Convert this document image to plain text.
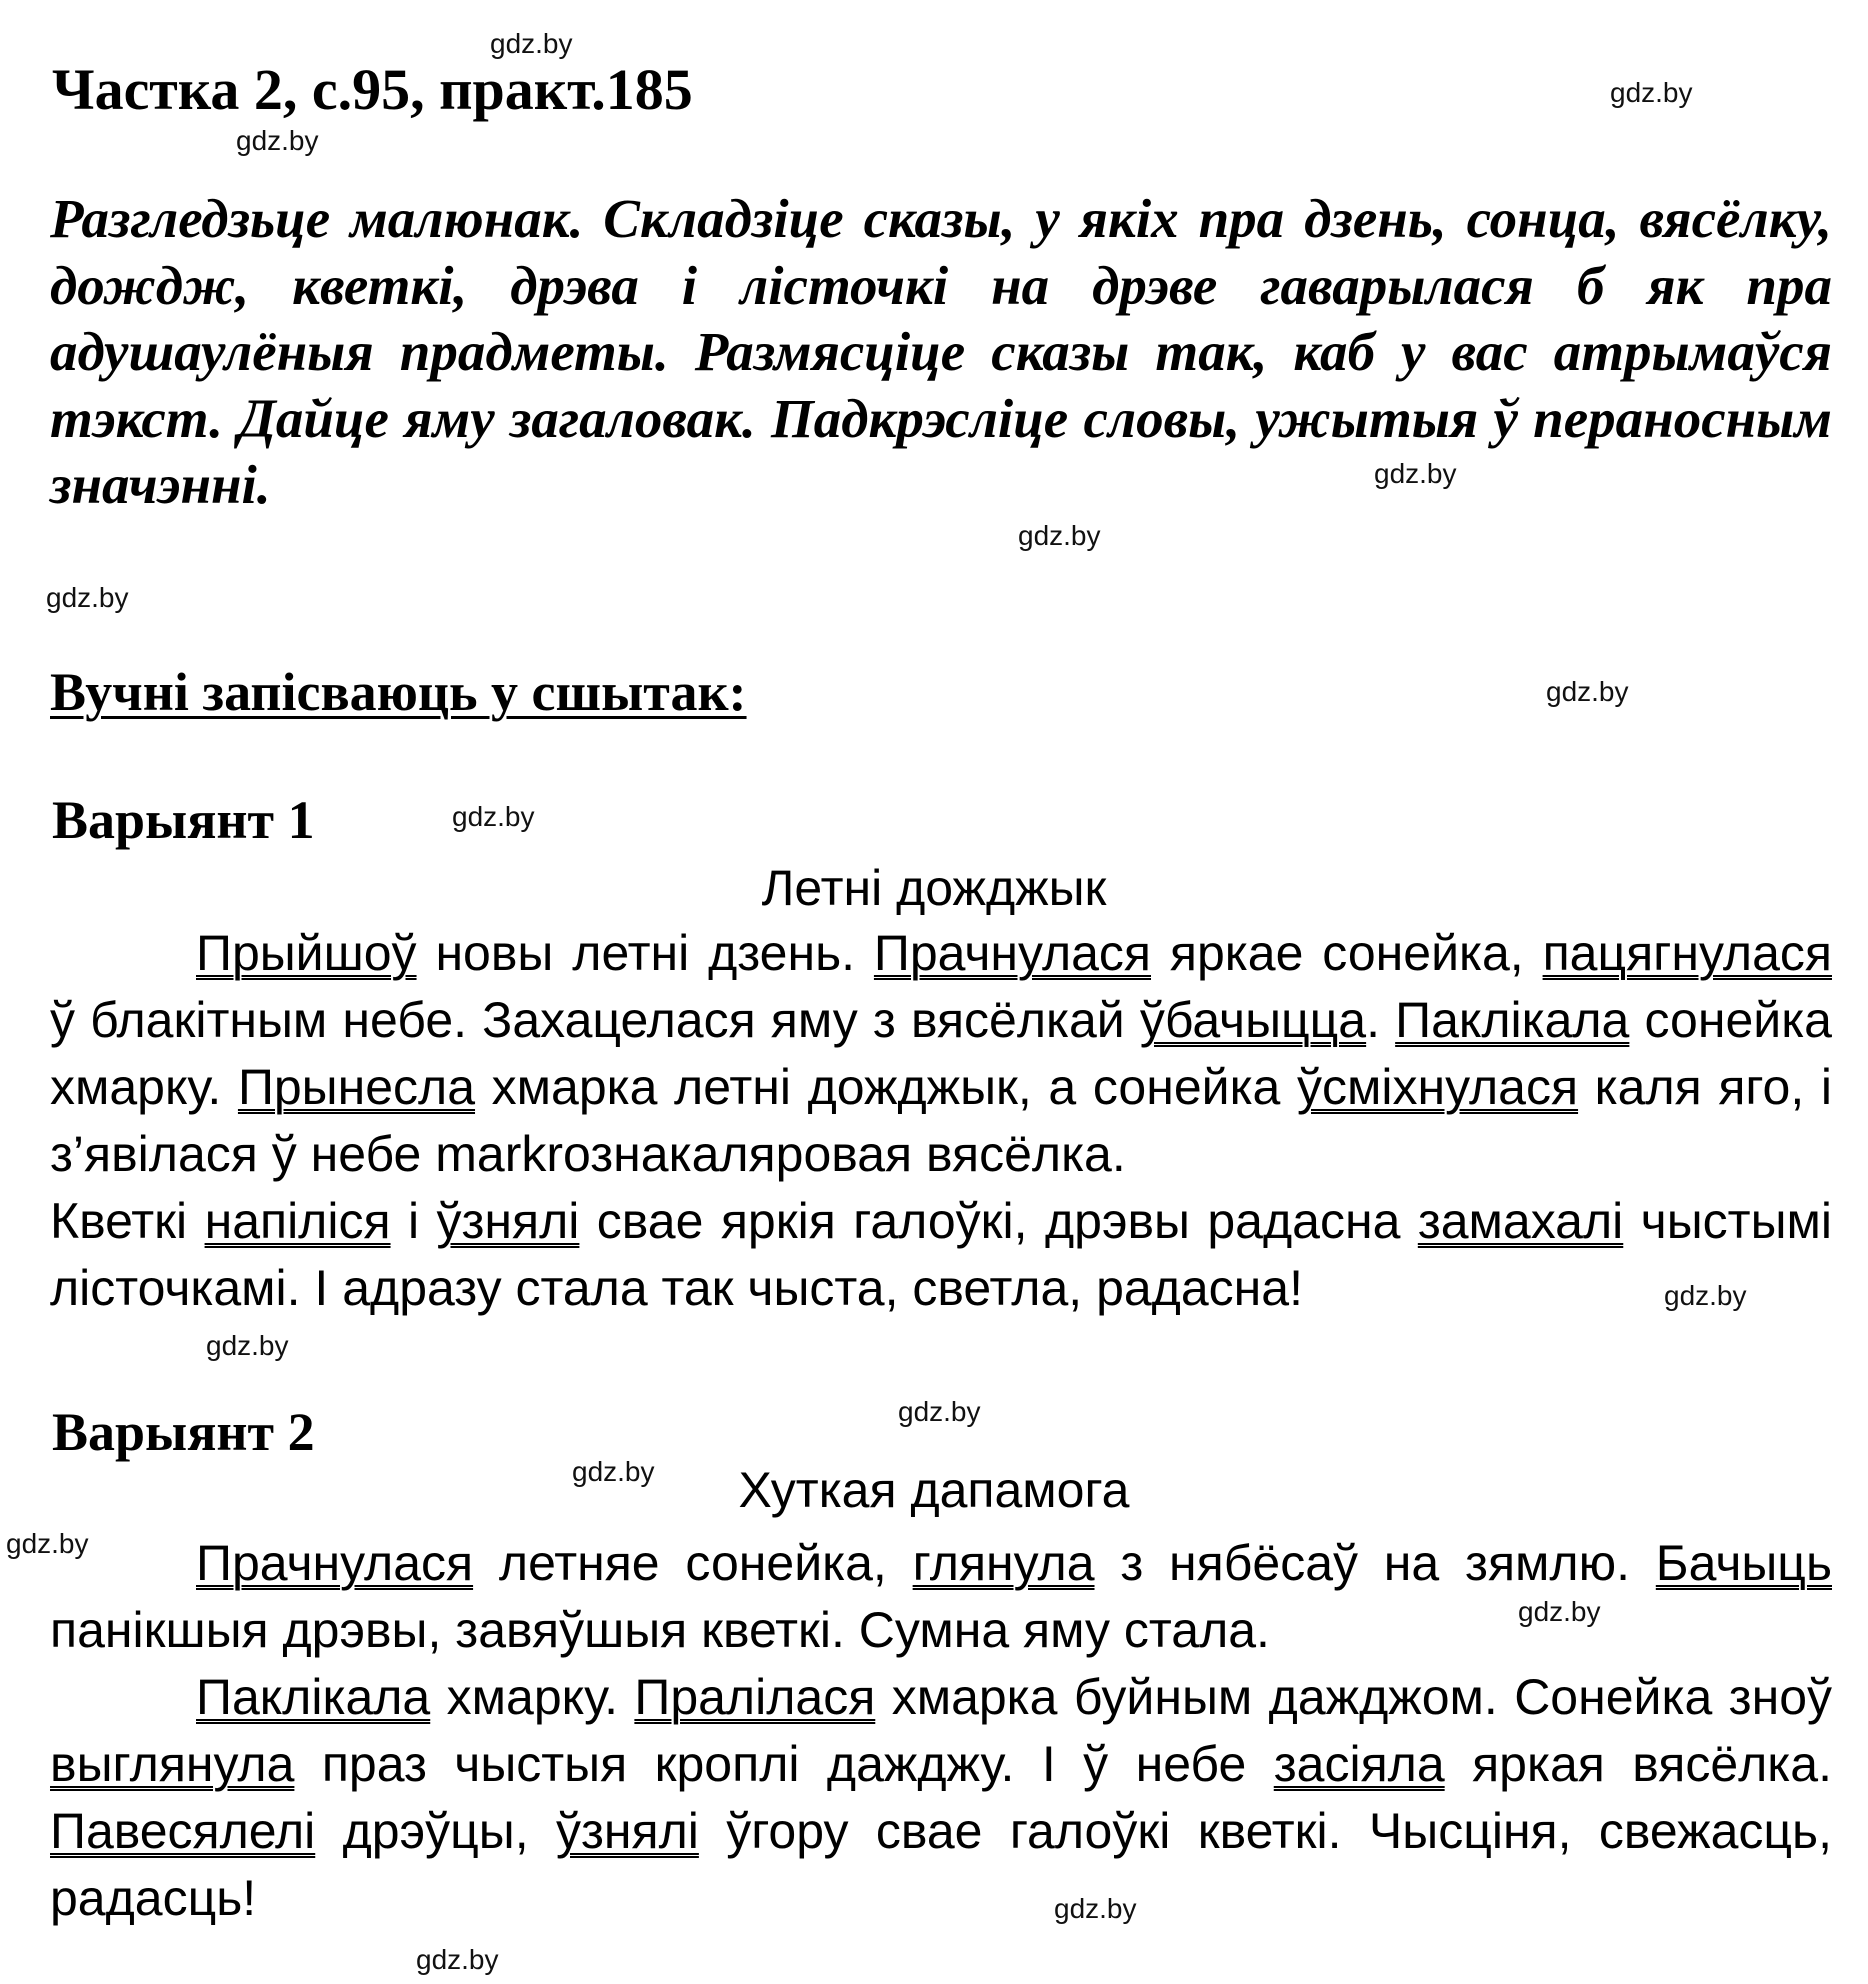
Частка 2, с.95, практ.185
Разгледзьце малюнак. Складзіце сказы, у якіх пра дзень, сонца, вясёлку, дождж, кветкі, дрэва і лісточкі на дрэве гаварылася б як пра адушаулёныя прадметы. Размясціце сказы так, каб у вас атрымаўся тэкст. Дайце яму загаловак. Падкрэсліце словы, ужытыя ў пераносным значэнні.
Вучні запісваюць у сшытак:
Варыянт 1
Летні дожджык

Прыйшоў новы летні дзень. Прачнулася яркае сонейка, пацягнулася ў блакітным небе. Захацелася яму з вясёлкай ўбачыцца. Паклікала сонейка хмарку. Прынесла хмарка летні дожджык, а сонейка ўсміхнулася каля яго, і з’явілася ў небе markrознакаляровая вясёлка.

Кветкі напіліся і ўзнялі свае яркія галоўкі, дрэвы радасна замахалі чыстымі лісточкамі. І адразу стала так чыста, светла, радасна!

Варыянт 2
Хуткая дапамога

Прачнулася летняе сонейка, глянула з нябёсаў на зямлю. Бачыць панікшыя дрэвы, завяўшыя кветкі. Сумна яму стала.

Паклікала хмарку. Пралілася хмарка буйным дажджом. Сонейка зноў выглянула праз чыстыя кроплі дажджу. І ў небе засіяла яркая вясёлка. Павесялелі дрэўцы, ўзнялі ўгору свае галоўкі кветкі. Чысціня, свежасць, радасць!

gdz.by
gdz.by
gdz.by
gdz.by
gdz.by
gdz.by
gdz.by
gdz.by
gdz.by
gdz.by
gdz.by
gdz.by
gdz.by
gdz.by
gdz.by
gdz.by
